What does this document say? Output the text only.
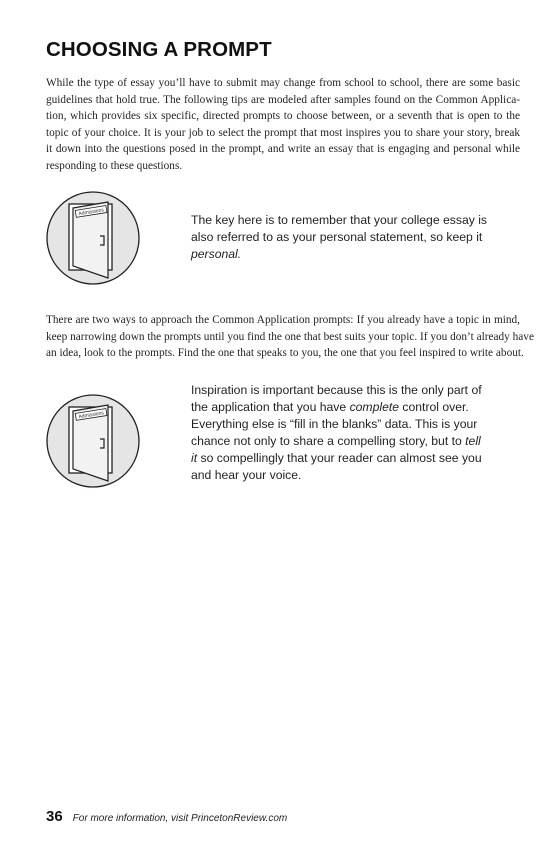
CHOOSING A PROMPT
While the type of essay you’ll have to submit may change from school to school, there are some basic
guidelines that hold true. The following tips are modeled after samples found on the Common Applica-
tion, which provides six specific, directed prompts to choose between, or a seventh that is open to the
topic of your choice. It is your job to select the prompt that most inspires you to share your story, break
it down into the questions posed in the prompt, and write an essay that is engaging and personal while
responding to these questions.
Admissions
The key here is to remember that your college essay is
also referred to as your personal statement, so keep it
personal.
There are two ways to approach the Common Application prompts: If you already have a topic in mind,
keep narrowing down the prompts until you find the one that best suits your topic. If you don’t already have
an idea, look to the prompts. Find the one that speaks to you, the one that you feel inspired to write about.
Admissions
Inspiration is important because this is the only part of
the application that you have complete control over.
Everything else is “fill in the blanks” data. This is your
chance not only to share a compelling story, but to tell
it so compellingly that your reader can almost see you
and hear your voice.
36 For more information, visit PrincetonReview.com
